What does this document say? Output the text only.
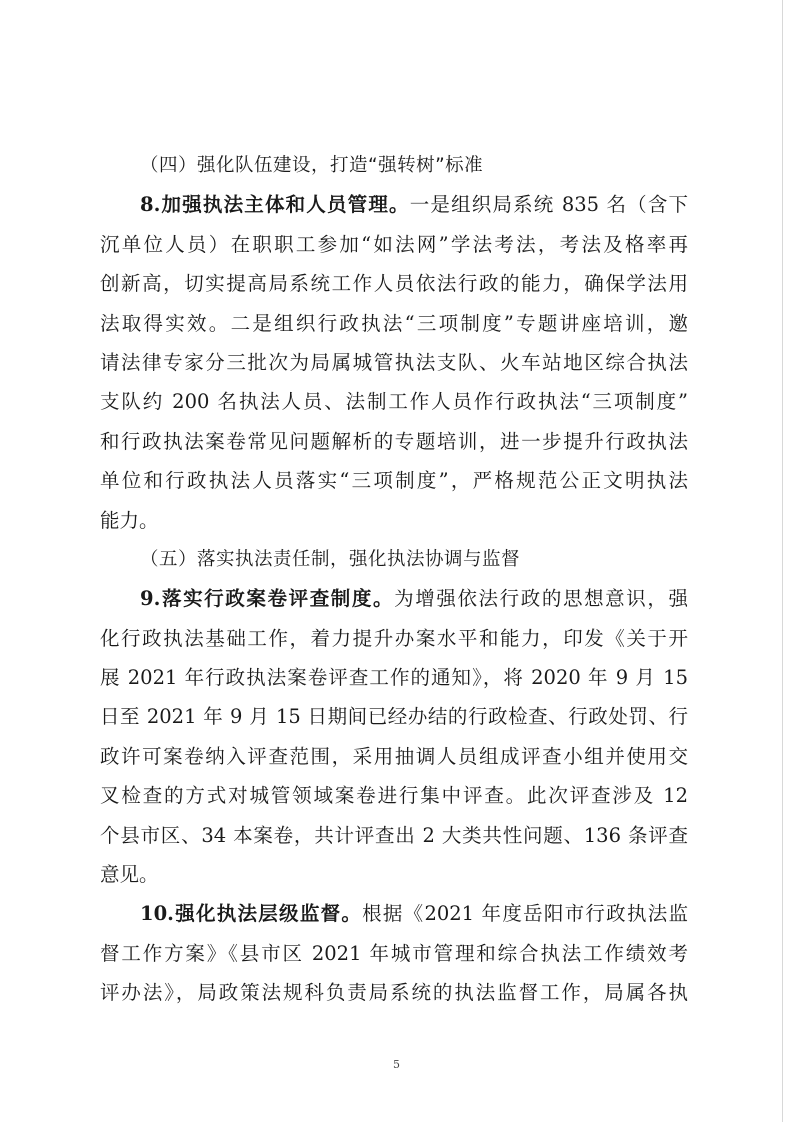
（四）强化队伍建设，打造“强转树”标准
8.加强执法主体和人员管理。一是组织局系统 835 名（含下
沉单位人员）在职职工参加“如法网”学法考法，考法及格率再
创新高，切实提高局系统工作人员依法行政的能力，确保学法用
法取得实效。二是组织行政执法“三项制度”专题讲座培训，邀
请法律专家分三批次为局属城管执法支队、火车站地区综合执法
支队约 200 名执法人员、法制工作人员作行政执法“三项制度”
和行政执法案卷常见问题解析的专题培训，进一步提升行政执法
单位和行政执法人员落实“三项制度”，严格规范公正文明执法
能力。
（五）落实执法责任制，强化执法协调与监督
9.落实行政案卷评查制度。为增强依法行政的思想意识，强
化行政执法基础工作，着力提升办案水平和能力，印发《关于开
展 2021 年行政执法案卷评查工作的通知》，将 2020 年 9 月 15
日至 2021 年 9 月 15 日期间已经办结的行政检查、行政处罚、行
政许可案卷纳入评查范围，采用抽调人员组成评查小组并使用交
叉检查的方式对城管领域案卷进行集中评查。此次评查涉及 12
个县市区、34 本案卷，共计评查出 2 大类共性问题、136 条评查
意见。
10.强化执法层级监督。根据《2021 年度岳阳市行政执法监
督工作方案》《县市区 2021 年城市管理和综合执法工作绩效考
评办法》，局政策法规科负责局系统的执法监督工作，局属各执
5
